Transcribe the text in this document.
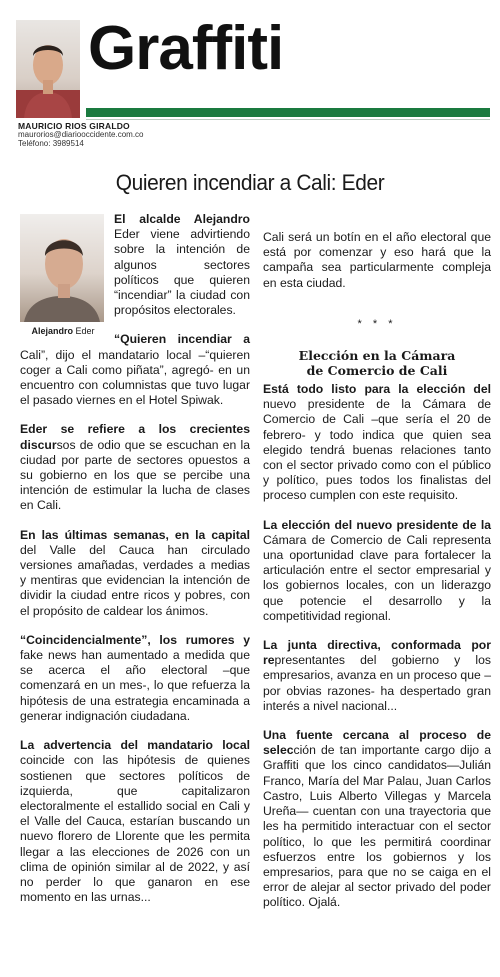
Graffiti
MAURICIO RIOS GIRALDO
maurorios@diariooccidente.com.co
Teléfono: 3989514
Quieren incendiar a Cali: Eder
Alejandro Eder

El alcalde Alejandro Eder viene advirtiendo sobre la intención de algunos sectores políticos que quieren “incendiar” la ciudad con propósitos electorales.

“Quieren incendiar a Cali”, dijo el mandatario local –“quieren coger a Cali como piñata”, agregó- en un encuentro con columnistas que tuvo lugar el pasado viernes en el Hotel Spiwak.

Eder se refiere a los crecientes discursos de odio que se escuchan en la ciudad por parte de sectores opuestos a su gobierno en los que se percibe una intención de estimular la lucha de clases en Cali.

En las últimas semanas, en la capital del Valle del Cauca han circulado versiones amañadas, verdades a medias y mentiras que evidencian la intención de dividir la ciudad entre ricos y pobres, con el propósito de caldear los ánimos.

“Coincidencialmente”, los rumores y fake news han aumentado a medida que se acerca el año electoral –que comenzará en un mes-, lo que refuerza la hipótesis de una estrategia encaminada a generar indignación ciudadana.

La advertencia del mandatario local coincide con las hipótesis de quienes sostienen que sectores políticos de izquierda, que capitalizaron electoralmente el estallido social en Cali y el Valle del Cauca, estarían buscando un nuevo florero de Llorente que les permita llegar a las elecciones de 2026 con un clima de opinión similar al de 2022, y así no perder lo que ganaron en ese momento en las urnas...

Cali será un botín en el año electoral que está por comenzar y eso hará que la campaña sea particularmente compleja en esta ciudad.

* * *
Elección en la Cámara
de Comercio de Cali

Está todo listo para la elección del nuevo presidente de la Cámara de Comercio de Cali –que sería el 20 de febrero- y todo indica que quien sea elegido tendrá buenas relaciones tanto con el sector privado como con el público y político, pues todos los finalistas del proceso cumplen con este requisito.

La elección del nuevo presidente de la Cámara de Comercio de Cali representa una oportunidad clave para fortalecer la articulación entre el sector empresarial y los gobiernos locales, con un liderazgo que potencie el desarrollo y la competitividad regional.

La junta directiva, conformada por representantes del gobierno y los empresarios, avanza en un proceso que –por obvias razones- ha despertado gran interés a nivel nacional...

Una fuente cercana al proceso de selección de tan importante cargo dijo a Graffiti que los cinco candidatos—Julián Franco, María del Mar Palau, Juan Carlos Castro, Luis Alberto Villegas y Marcela Ureña— cuentan con una trayectoria que les ha permitido interactuar con el sector político, lo que les permitirá coordinar esfuerzos entre los gobiernos y los empresarios, para que no se caiga en el error de alejar al sector privado del poder político. Ojalá.
